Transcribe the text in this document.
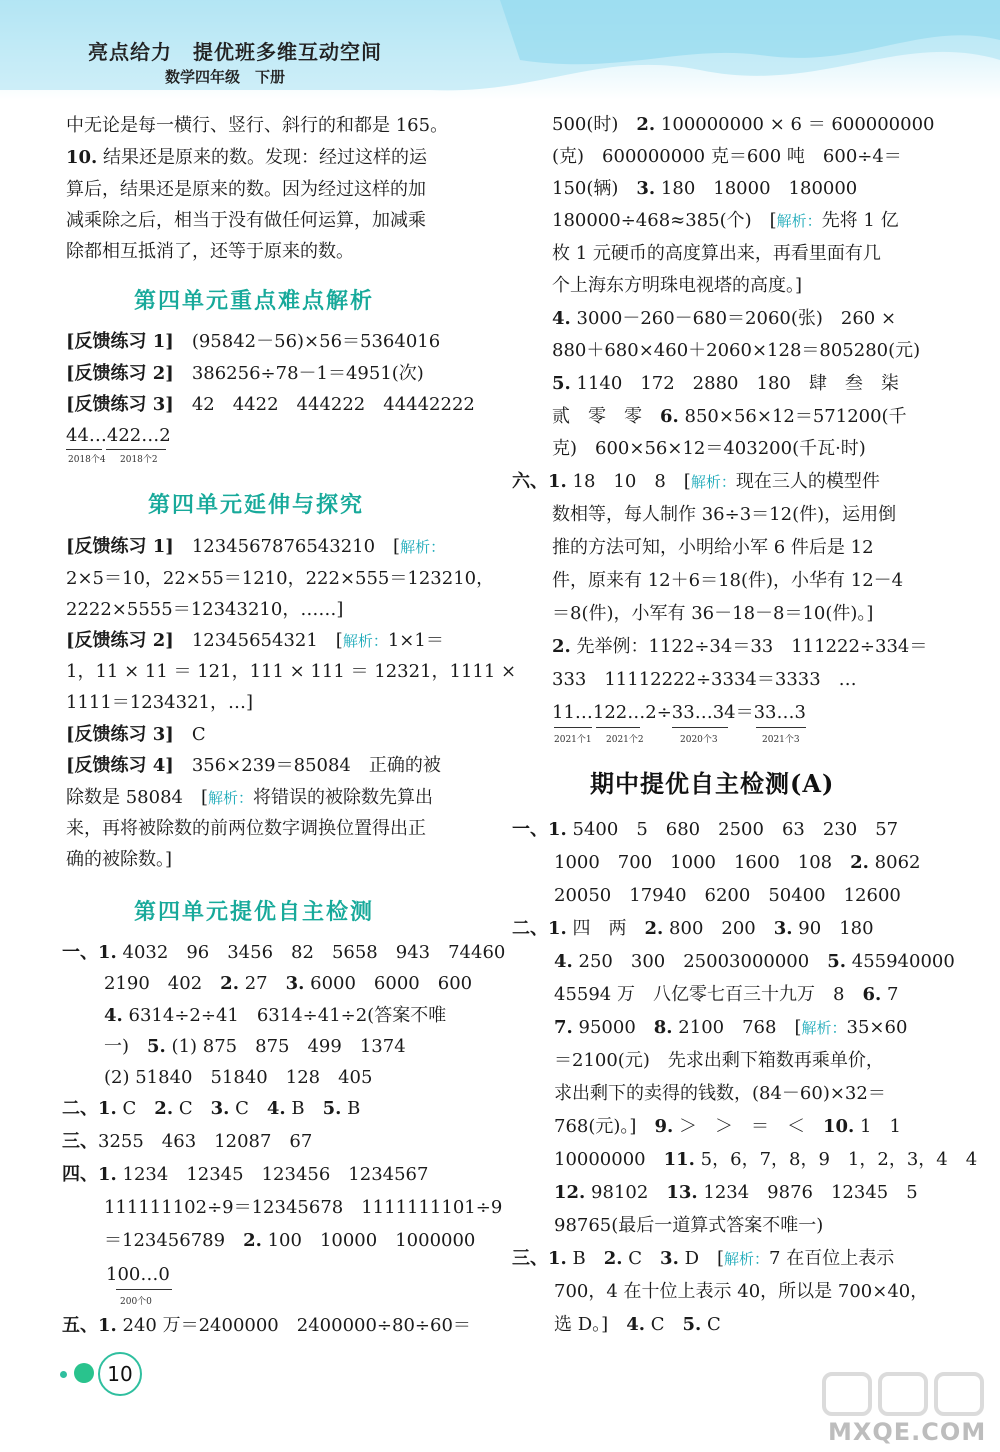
亮点给力　提优班多维互动空间
数学四年级　下册
中无论是每一横行、竖行、斜行的和都是 165。
10. 结果还是原来的数。发现：经过这样的运
算后，结果还是原来的数。因为经过这样的加
减乘除之后，相当于没有做任何运算，加减乘
除都相互抵消了，还等于原来的数。
第四单元重点难点解析
[反馈练习 1]　(95842－56)×56＝5364016
[反馈练习 2]　386256÷78－1＝4951(次)
[反馈练习 3]　42　4422　444222　44442222
44…422…2
2018个4 2018个2
第四单元延伸与探究
[反馈练习 1]　1234567876543210　[解析：
2×5＝10，22×55＝1210，222×555＝123210，
2222×5555＝12343210，……]
[反馈练习 2]　12345654321　[解析：1×1＝
1，11 × 11 ＝ 121，111 × 111 ＝ 12321，1111 ×
1111＝1234321，…]
[反馈练习 3]　C
[反馈练习 4]　356×239＝85084　正确的被
除数是 58084　[解析：将错误的被除数先算出
来，再将被除数的前两位数字调换位置得出正
确的被除数。]
第四单元提优自主检测
一、1. 4032　96　3456　82　5658　943　74460
2190　402　2. 27　3. 6000　6000　600
4. 6314÷2÷41　6314÷41÷2(答案不唯
一)　5. (1) 875　875　499　1374
(2) 51840　51840　128　405
二、1. C　2. C　3. C　4. B　5. B
三、3255　463　12087　67
四、1. 1234　12345　123456　1234567
111111102÷9＝12345678　1111111101÷9
＝123456789　2. 100　10000　1000000
100…0
200个0
五、1. 240 万＝2400000　2400000÷80÷60＝
500(时)　2. 100000000 × 6 ＝ 600000000
(克)　600000000 克＝600 吨　600÷4＝
150(辆)　3. 180　18000　180000
180000÷468≈385(个)　[解析：先将 1 亿
枚 1 元硬币的高度算出来，再看里面有几
个上海东方明珠电视塔的高度。]
4. 3000－260－680＝2060(张)　260 ×
880＋680×460＋2060×128＝805280(元)
5. 1140　172　2880　180　肆　叁　柒
贰　零　零　6. 850×56×12＝571200(千
克)　600×56×12＝403200(千瓦·时)
六、1. 18　10　8　[解析：现在三人的模型件
数相等，每人制作 36÷3＝12(件)，运用倒
推的方法可知，小明给小军 6 件后是 12
件，原来有 12＋6＝18(件)，小华有 12－4
＝8(件)，小军有 36－18－8＝10(件)。]
2. 先举例：1122÷34＝33　111222÷334＝
333　11112222÷3334＝3333　…
11…122…2÷33…34＝33…3
2021个1 2021个2	2020个3	2021个3
期中提优自主检测(A)
一、1. 5400　5　680　2500　63　230　57
1000　700　1000　1600　108　2. 8062
20050　17940　6200　50400　12600
二、1. 四　两　2. 800　200　3. 90　180
4. 250　300　25003000000　5. 455940000
45594 万　八亿零七百三十九万　8　6. 7
7. 95000　8. 2100　768　[解析：35×60
＝2100(元)　先求出剩下箱数再乘单价，
求出剩下的卖得的钱数，(84－60)×32＝
768(元)。]　9. ＞　＞　＝　＜　10. 1　1
10000000　11. 5，6，7，8，9　1，2，3，4　4
12. 98102　13. 1234　9876　12345　5
98765(最后一道算式答案不唯一)
三、1. B　2. C　3. D　[解析：7 在百位上表示
700，4 在十位上表示 40，所以是 700×40，
选 D。]　4. C　5. C
10
MXQE.COM
